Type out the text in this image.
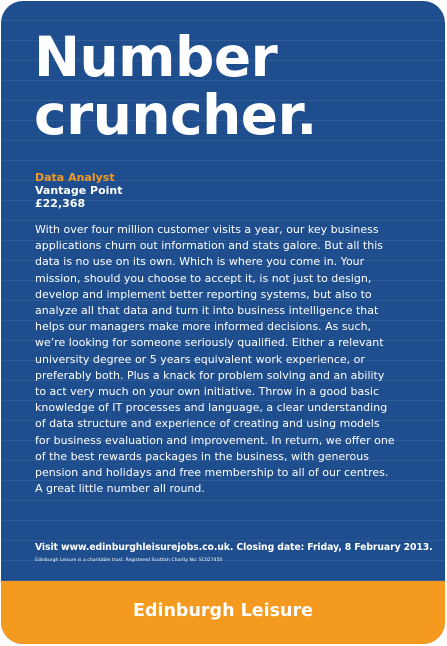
Number
cruncher.
Data Analyst
Vantage Point
£22,368

With over four million customer visits a year, our key business applications churn out information and stats galore. But all this data is no use on its own. Which is where you come in. Your mission, should you choose to accept it, is not just to design, develop and implement better reporting systems, but also to analyze all that data and turn it into business intelligence that helps our managers make more informed decisions. As such, we’re looking for someone seriously qualified. Either a relevant university degree or 5 years equivalent work experience, or preferably both. Plus a knack for problem solving and an ability to act very much on your own initiative. Throw in a good basic knowledge of IT processes and language, a clear understanding of data structure and experience of creating and using models for business evaluation and improvement. In return, we offer one of the best rewards packages in the business, with generous pension and holidays and free membership to all of our centres. A great little number all round.

Visit www.edinburghleisurejobs.co.uk. Closing date: Friday, 8 February 2013.

Edinburgh Leisure is a charitable trust. Registered Scottish Charity No: SC027450

Edinburgh Leisure
